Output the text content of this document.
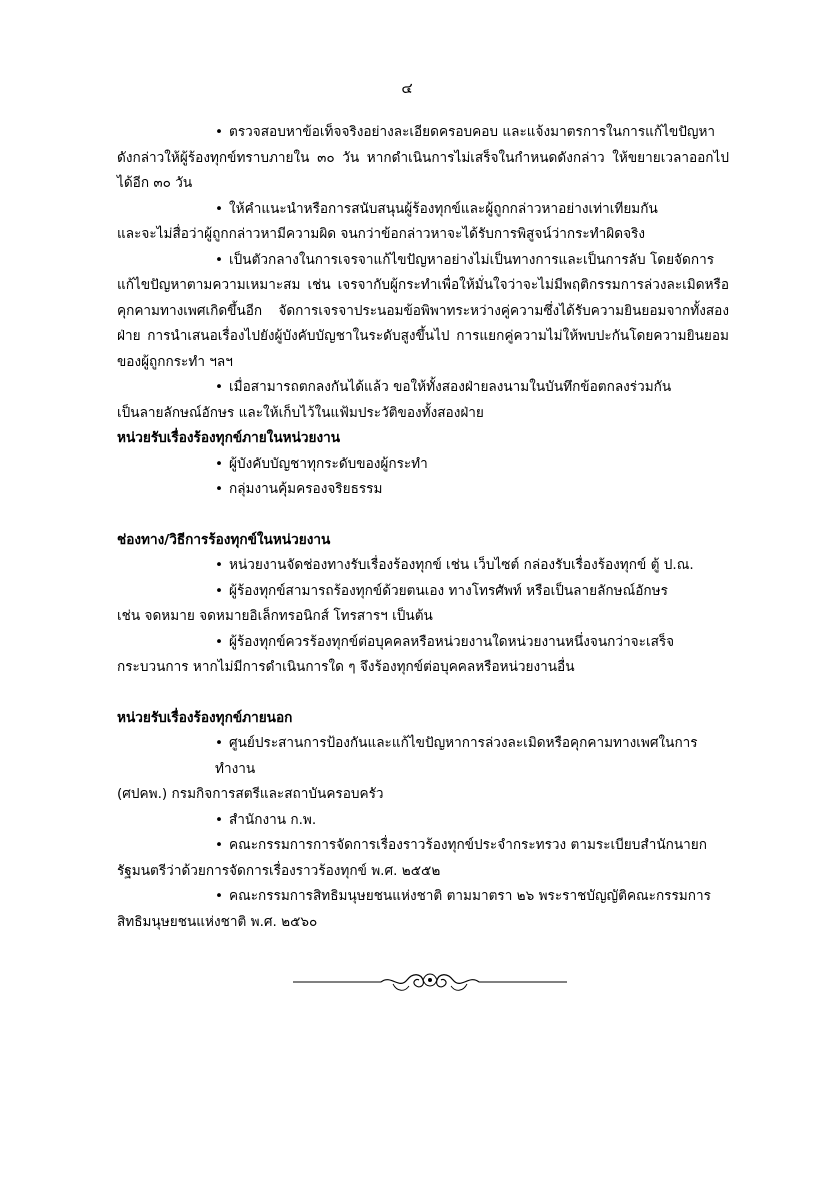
๔

• ตรวจสอบหาข้อเท็จจริงอย่างละเอียดครอบคอบ และแจ้งมาตรการในการแก้ไขปัญหา
ดังกล่าวให้ผู้ร้องทุกข์ทราบภายใน ๓๐ วัน หากดำเนินการไม่เสร็จในกำหนดดังกล่าว ให้ขยายเวลาออกไปได้อีก ๓๐ วัน

• ให้คำแนะนำหรือการสนับสนุนผู้ร้องทุกข์และผู้ถูกกล่าวหาอย่างเท่าเทียมกัน
และจะไม่สื่อว่าผู้ถูกกล่าวหามีความผิด จนกว่าข้อกล่าวหาจะได้รับการพิสูจน์ว่ากระทำผิดจริง

• เป็นตัวกลางในการเจรจาแก้ไขปัญหาอย่างไม่เป็นทางการและเป็นการลับ โดยจัดการ
แก้ไขปัญหาตามความเหมาะสม เช่น เจรจากับผู้กระทำเพื่อให้มั่นใจว่าจะไม่มีพฤติกรรมการล่วงละเมิดหรือคุกคามทางเพศเกิดขึ้นอีก จัดการเจรจาประนอมข้อพิพาทระหว่างคู่ความซึ่งได้รับความยินยอมจากทั้งสองฝ่าย การนำเสนอเรื่องไปยังผู้บังคับบัญชาในระดับสูงขึ้นไป การแยกคู่ความไม่ให้พบปะกันโดยความยินยอมของผู้ถูกกระทำ ฯลฯ

• เมื่อสามารถตกลงกันได้แล้ว ขอให้ทั้งสองฝ่ายลงนามในบันทึกข้อตกลงร่วมกัน
เป็นลายลักษณ์อักษร และให้เก็บไว้ในแฟ้มประวัติของทั้งสองฝ่าย

หน่วยรับเรื่องร้องทุกข์ภายในหน่วยงาน

• ผู้บังคับบัญชาทุกระดับของผู้กระทำ

• กลุ่มงานคุ้มครองจริยธรรม

ช่องทาง/วิธีการร้องทุกข์ในหน่วยงาน

• หน่วยงานจัดช่องทางรับเรื่องร้องทุกข์ เช่น เว็บไซต์ กล่องรับเรื่องร้องทุกข์ ตู้ ป.ณ.

• ผู้ร้องทุกข์สามารถร้องทุกข์ด้วยตนเอง ทางโทรศัพท์ หรือเป็นลายลักษณ์อักษร
เช่น จดหมาย จดหมายอิเล็กทรอนิกส์ โทรสารฯ เป็นต้น

• ผู้ร้องทุกข์ควรร้องทุกข์ต่อบุคคลหรือหน่วยงานใดหน่วยงานหนึ่งจนกว่าจะเสร็จ
กระบวนการ หากไม่มีการดำเนินการใด ๆ จึงร้องทุกข์ต่อบุคคลหรือหน่วยงานอื่น

หน่วยรับเรื่องร้องทุกข์ภายนอก

• ศูนย์ประสานการป้องกันและแก้ไขปัญหาการล่วงละเมิดหรือคุกคามทางเพศในการทำงาน
(ศปคพ.) กรมกิจการสตรีและสถาบันครอบครัว

• สำนักงาน ก.พ.

• คณะกรรมการการจัดการเรื่องราวร้องทุกข์ประจำกระทรวง ตามระเบียบสำนักนายก
รัฐมนตรีว่าด้วยการจัดการเรื่องราวร้องทุกข์ พ.ศ. ๒๕๕๒

• คณะกรรมการสิทธิมนุษยชนแห่งชาติ ตามมาตรา ๒๖ พระราชบัญญัติคณะกรรมการ
สิทธิมนุษยชนแห่งชาติ พ.ศ. ๒๕๖๐
